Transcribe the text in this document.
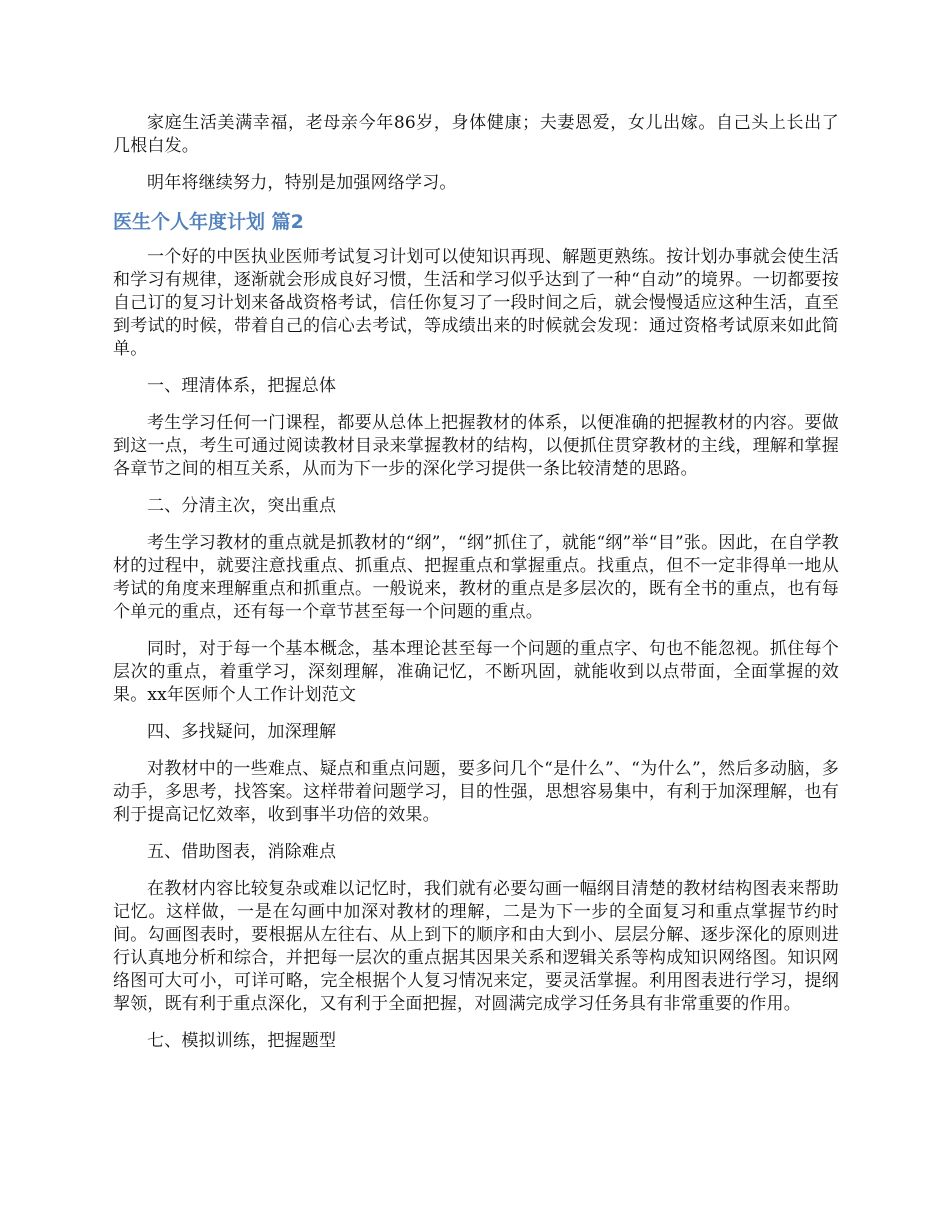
家庭生活美满幸福，老母亲今年86岁，身体健康；夫妻恩爱，女儿出嫁。自己头上长出了几根白发。

明年将继续努力，特别是加强网络学习。

医生个人年度计划 篇2

一个好的中医执业医师考试复习计划可以使知识再现、解题更熟练。按计划办事就会使生活和学习有规律，逐渐就会形成良好习惯，生活和学习似乎达到了一种“自动”的境界。一切都要按自己订的复习计划来备战资格考试，信任你复习了一段时间之后，就会慢慢适应这种生活，直至到考试的时候，带着自己的信心去考试，等成绩出来的时候就会发现：通过资格考试原来如此简单。

一、理清体系，把握总体

考生学习任何一门课程，都要从总体上把握教材的体系，以便准确的把握教材的内容。要做到这一点，考生可通过阅读教材目录来掌握教材的结构，以便抓住贯穿教材的主线，理解和掌握各章节之间的相互关系，从而为下一步的深化学习提供一条比较清楚的思路。

二、分清主次，突出重点

考生学习教材的重点就是抓教材的“纲”，“纲”抓住了，就能“纲”举“目”张。因此，在自学教材的过程中，就要注意找重点、抓重点、把握重点和掌握重点。找重点，但不一定非得单一地从考试的角度来理解重点和抓重点。一般说来，教材的重点是多层次的，既有全书的重点，也有每个单元的重点，还有每一个章节甚至每一个问题的重点。

同时，对于每一个基本概念，基本理论甚至每一个问题的重点字、句也不能忽视。抓住每个层次的重点，着重学习，深刻理解，准确记忆，不断巩固，就能收到以点带面，全面掌握的效果。xx年医师个人工作计划范文

四、多找疑问，加深理解

对教材中的一些难点、疑点和重点问题，要多问几个“是什么”、“为什么”，然后多动脑，多动手，多思考，找答案。这样带着问题学习，目的性强，思想容易集中，有利于加深理解，也有利于提高记忆效率，收到事半功倍的效果。

五、借助图表，消除难点

在教材内容比较复杂或难以记忆时，我们就有必要勾画一幅纲目清楚的教材结构图表来帮助记忆。这样做，一是在勾画中加深对教材的理解，二是为下一步的全面复习和重点掌握节约时间。勾画图表时，要根据从左往右、从上到下的顺序和由大到小、层层分解、逐步深化的原则进行认真地分析和综合，并把每一层次的重点据其因果关系和逻辑关系等构成知识网络图。知识网络图可大可小，可详可略，完全根据个人复习情况来定，要灵活掌握。利用图表进行学习，提纲挈领，既有利于重点深化，又有利于全面把握，对圆满完成学习任务具有非常重要的作用。

七、模拟训练，把握题型
